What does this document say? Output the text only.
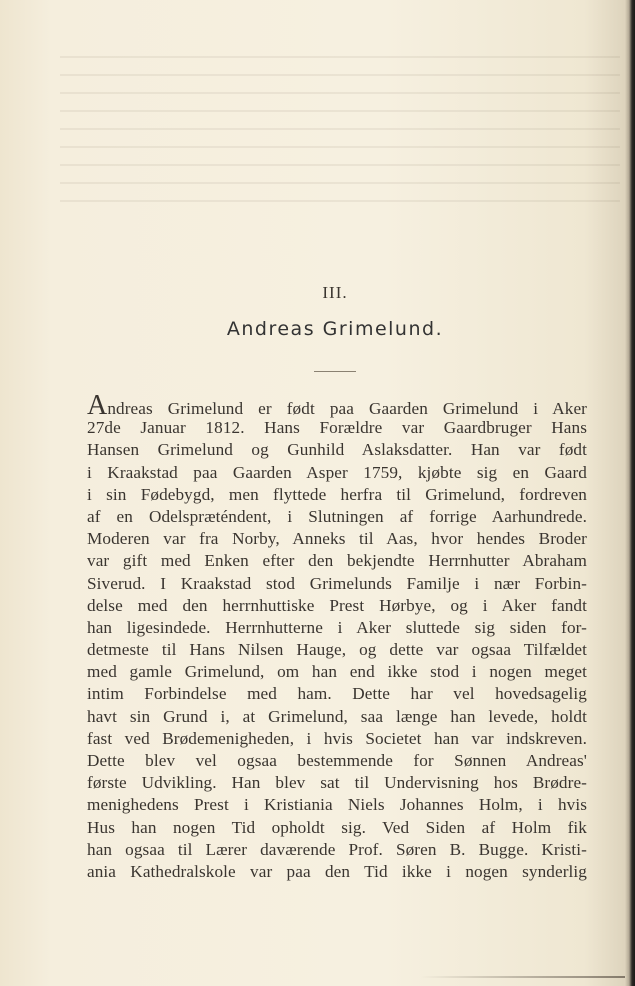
III.
Andreas Grimelund.
Andreas Grimelund er født paa Gaarden Grimelund i Aker
27de Januar 1812. Hans Forældre var Gaardbruger Hans
Hansen Grimelund og Gunhild Aslaksdatter. Han var født
i Kraakstad paa Gaarden Asper 1759, kjøbte sig en Gaard
i sin Fødebygd, men flyttede herfra til Grimelund, fordreven
af en Odelspræténdent, i Slutningen af forrige Aarhundrede.
Moderen var fra Norby, Anneks til Aas, hvor hendes Broder
var gift med Enken efter den bekjendte Herrnhutter Abraham
Siverud. I Kraakstad stod Grimelunds Familje i nær Forbin-
delse med den herrnhuttiske Prest Hørbye, og i Aker fandt
han ligesindede. Herrnhutterne i Aker sluttede sig siden for-
detmeste til Hans Nilsen Hauge, og dette var ogsaa Tilfældet
med gamle Grimelund, om han end ikke stod i nogen meget
intim Forbindelse med ham. Dette har vel hovedsagelig
havt sin Grund i, at Grimelund, saa længe han levede, holdt
fast ved Brødemenigheden, i hvis Societet han var indskreven.
Dette blev vel ogsaa bestemmende for Sønnen Andreas'
første Udvikling. Han blev sat til Undervisning hos Brødre-
menighedens Prest i Kristiania Niels Johannes Holm, i hvis
Hus han nogen Tid opholdt sig. Ved Siden af Holm fik
han ogsaa til Lærer daværende Prof. Søren B. Bugge. Kristi-
ania Kathedralskole var paa den Tid ikke i nogen synderlig
